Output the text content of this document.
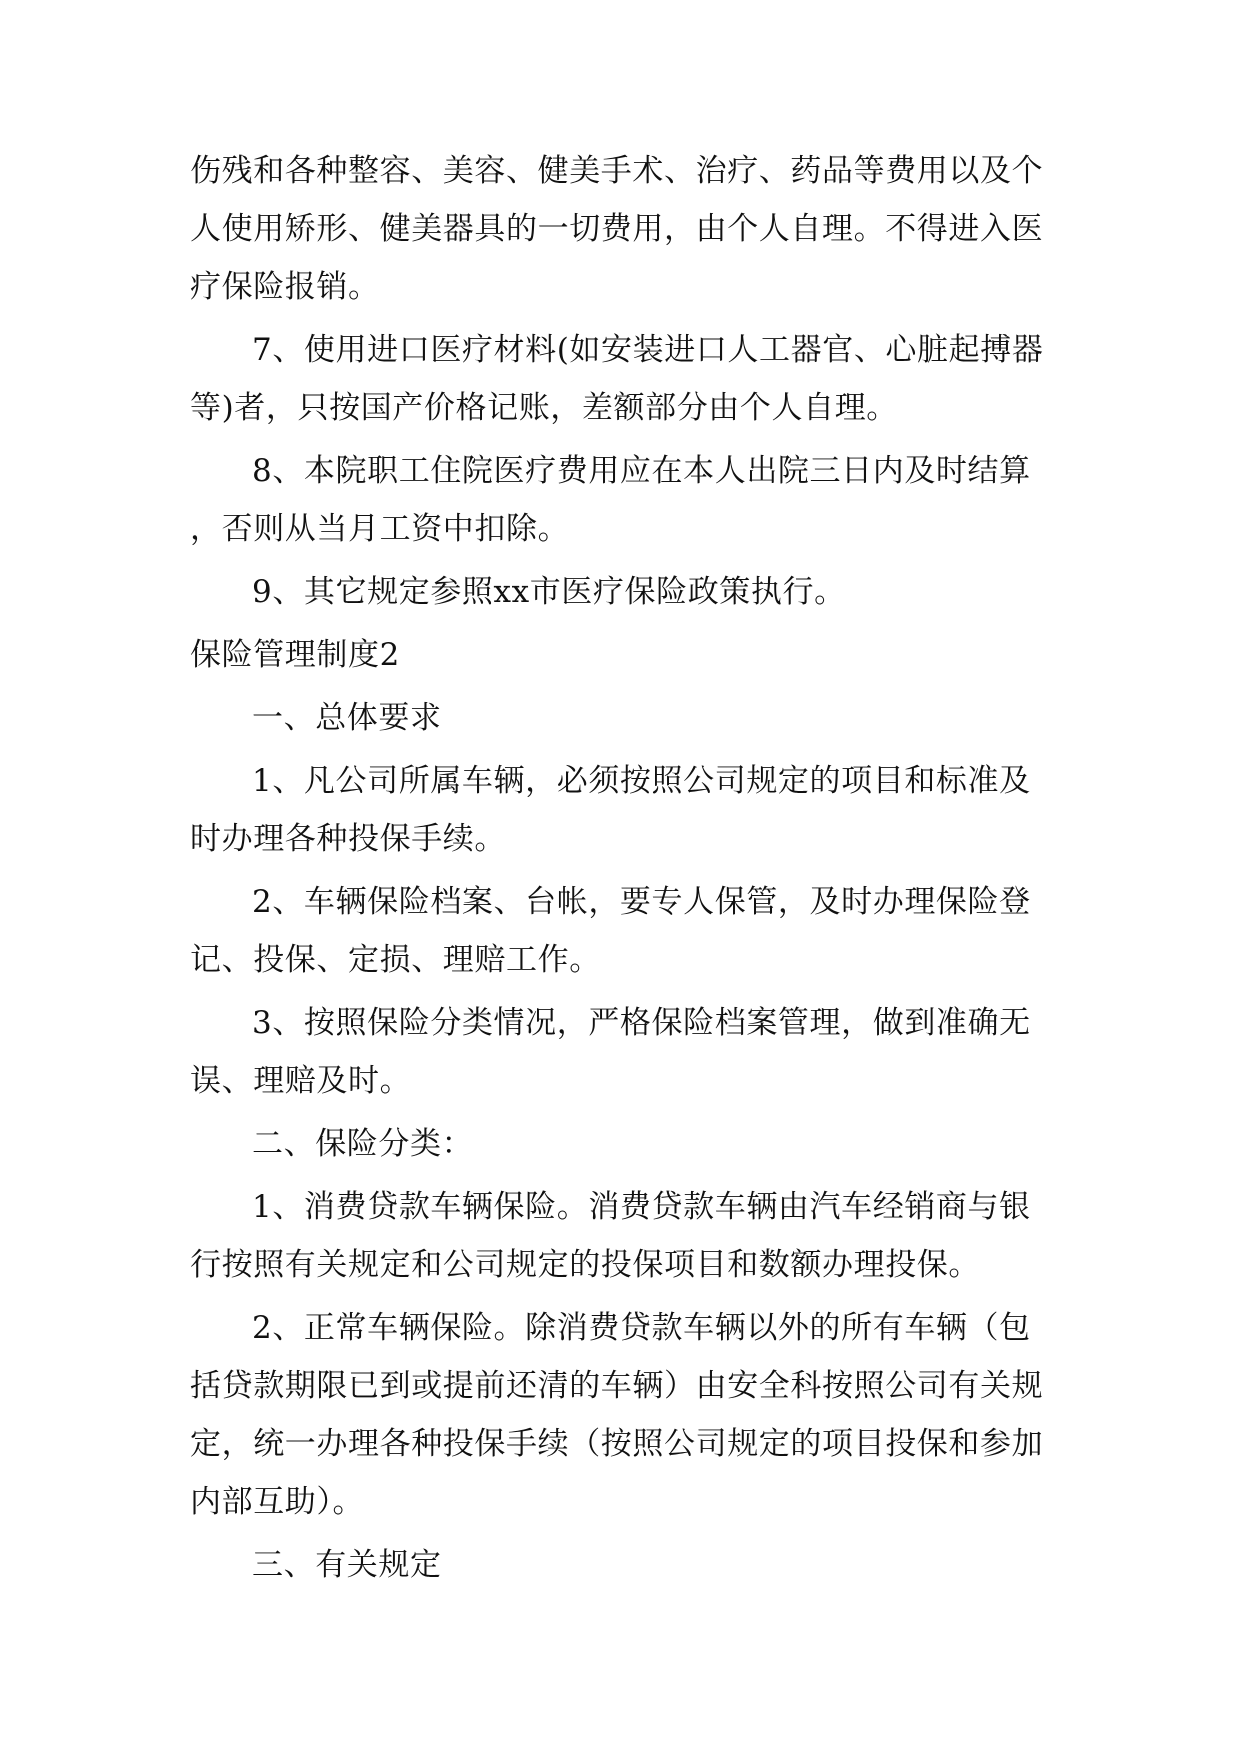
伤残和各种整容、美容、健美手术、治疗、药品等费用以及个人使用矫形、健美器具的一切费用，由个人自理。不得进入医疗保险报销。

7、使用进口医疗材料(如安装进口人工器官、心脏起搏器等)者，只按国产价格记账，差额部分由个人自理。

8、本院职工住院医疗费用应在本人出院三日内及时结算，否则从当月工资中扣除。

9、其它规定参照xx市医疗保险政策执行。

保险管理制度2

一、总体要求

1、凡公司所属车辆，必须按照公司规定的项目和标准及时办理各种投保手续。

2、车辆保险档案、台帐，要专人保管，及时办理保险登记、投保、定损、理赔工作。

3、按照保险分类情况，严格保险档案管理，做到准确无误、理赔及时。

二、保险分类：

1、消费贷款车辆保险。消费贷款车辆由汽车经销商与银行按照有关规定和公司规定的投保项目和数额办理投保。

2、正常车辆保险。除消费贷款车辆以外的所有车辆（包括贷款期限已到或提前还清的车辆）由安全科按照公司有关规定，统一办理各种投保手续（按照公司规定的项目投保和参加内部互助）。

三、有关规定
